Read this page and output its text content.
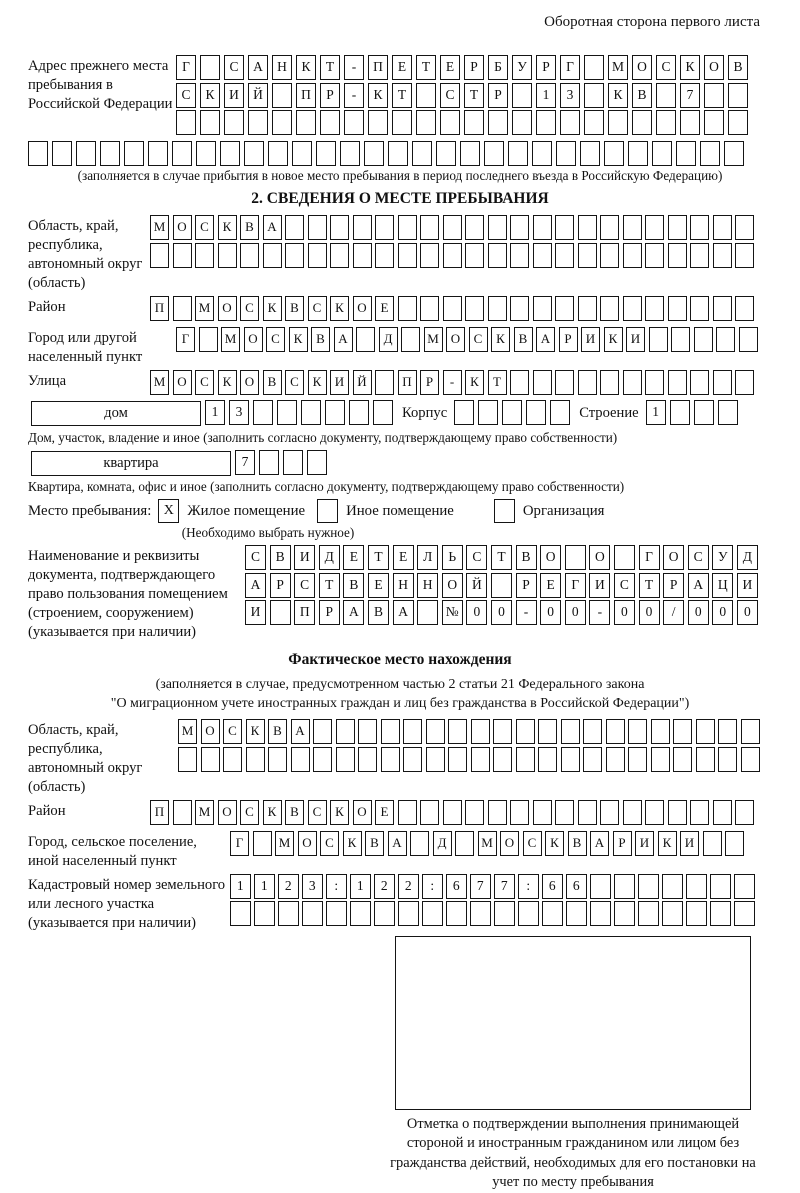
Оборотная сторона первого листа
Адрес прежнего места пребывания в Российской Федерации
Г	С А Н К Т - П Е Т Е Р Б У Р Г	М О С К О В
С К И Й	П Р - К Т	С Т Р	1 3	К В	7
(заполняется в случае прибытия в новое место пребывания в период последнего въезда в Российскую Федерацию)
2. СВЕДЕНИЯ О МЕСТЕ ПРЕБЫВАНИЯ
Область, край, республика, автономный округ (область)
М О С К В А
Район	П	М О С К В С К О Е
Город или другой населенный пункт
Г	М О С К В А	Д	М О С К В А Р И К И
Улица	М О С К О В С К И Й	П Р - К Т
дом	1 3	Корпус	Строение	1
Дом, участок, владение и иное (заполнить согласно документу, подтверждающему право собственности)
квартира	7
Квартира, комната, офис и иное (заполнить согласно документу, подтверждающему право собственности)
Место пребывания: X Жилое помещение	Иное помещение	Организация
(Необходимо выбрать нужное)
Наименование и реквизиты документа, подтверждающего право пользования помещением (строением, сооружением) (указывается при наличии)
С В И Д Е Т Е Л Ь С Т В О	О	Г О С У Д
А Р С Т В Е Н Н О Й	Р Е Г И С Т Р А Ц И
И	П Р А В А	№ 0 0 - 0 0 - 0 0 / 0 0 0
Фактическое место нахождения
(заполняется в случае, предусмотренном частью 2 статьи 21 Федерального закона
"О миграционном учете иностранных граждан и лиц без гражданства в Российской Федерации")
Область, край, республика, автономный округ (область)
М О С К В А
Район	П	М О С К В С К О Е
Город, сельское поселение, иной населенный пункт
Г	М О С К В А	Д	М О С К В А Р И К И
Кадастровый номер земельного или лесного участка (указывается при наличии)
1 1 2 3 : 1 2 2 : 6 7 7 : 6 6
Отметка о подтверждении выполнения принимающей стороной и иностранным гражданином или лицом без гражданства действий, необходимых для его постановки на учет по месту пребывания
